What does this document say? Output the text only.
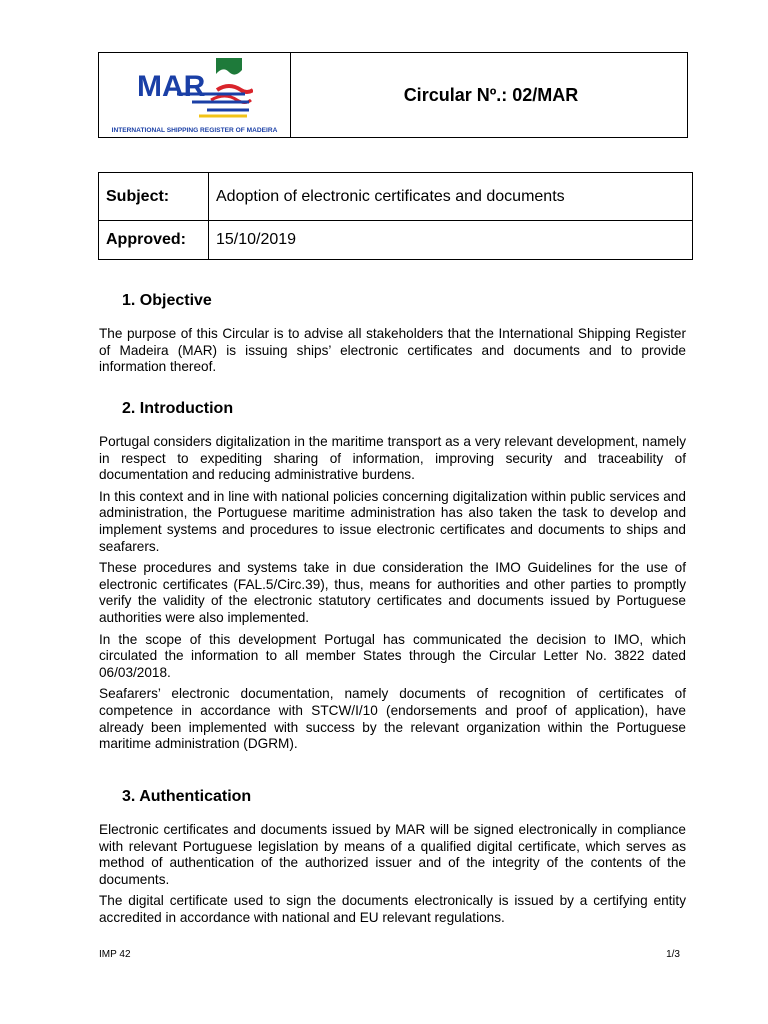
MAR
INTERNATIONAL SHIPPING REGISTER OF MADEIRA
Circular Nº.: 02/MAR
Subject:	Adoption of electronic certificates and documents
Approved:	15/10/2019
1. Objective

The purpose of this Circular is to advise all stakeholders that the International Shipping Register of Madeira (MAR) is issuing ships’ electronic certificates and documents and to provide information thereof.

2. Introduction

Portugal considers digitalization in the maritime transport as a very relevant development, namely in respect to expediting sharing of information, improving security and traceability of documentation and reducing administrative burdens.

In this context and in line with national policies concerning digitalization within public services and administration, the Portuguese maritime administration has also taken the task to develop and implement systems and procedures to issue electronic certificates and documents to ships and seafarers.

These procedures and systems take in due consideration the IMO Guidelines for the use of electronic certificates (FAL.5/Circ.39), thus, means for authorities and other parties to promptly verify the validity of the electronic statutory certificates and documents issued by Portuguese authorities were also implemented.

In the scope of this development Portugal has communicated the decision to IMO, which circulated the information to all member States through the Circular Letter No. 3822 dated 06/03/2018.

Seafarers’ electronic documentation, namely documents of recognition of certificates of competence in accordance with STCW/I/10 (endorsements and proof of application), have already been implemented with success by the relevant organization within the Portuguese maritime administration (DGRM).

3. Authentication

Electronic certificates and documents issued by MAR will be signed electronically in compliance with relevant Portuguese legislation by means of a qualified digital certificate, which serves as method of authentication of the authorized issuer and of the integrity of the contents of the documents.

The digital certificate used to sign the documents electronically is issued by a certifying entity accredited in accordance with national and EU relevant regulations.

IMP 42	1/3
